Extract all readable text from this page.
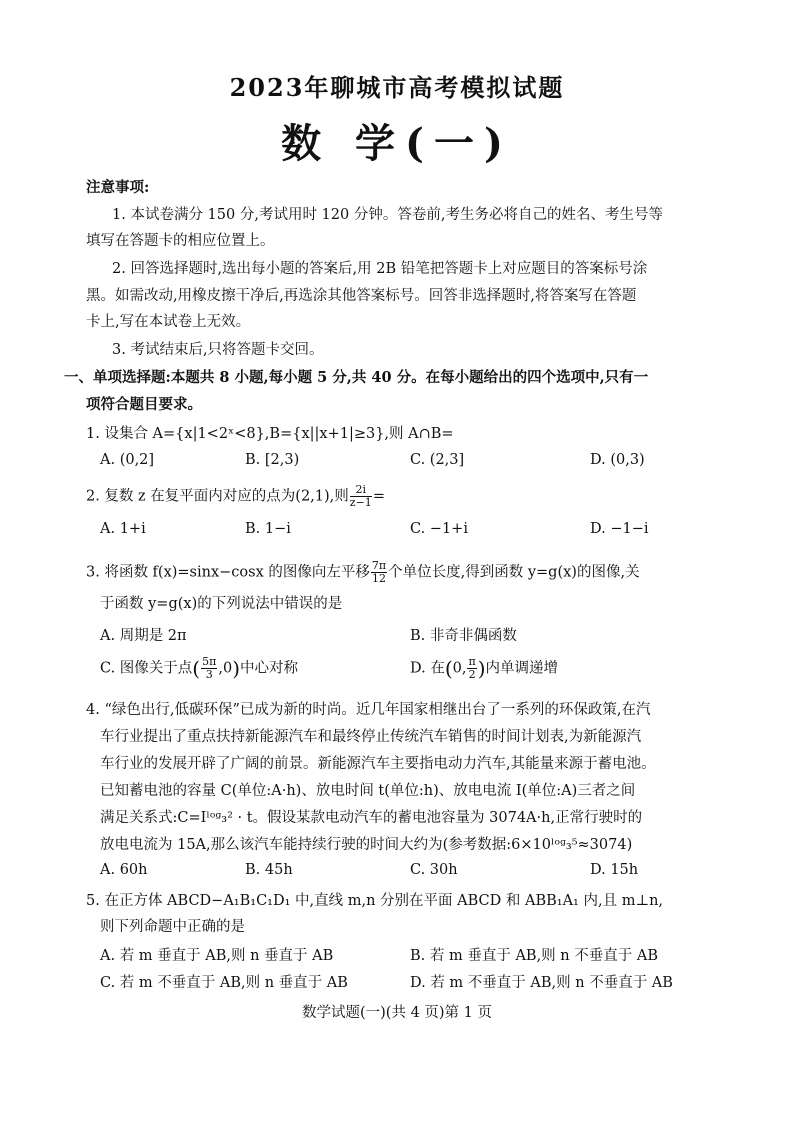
2023年聊城市高考模拟试题
数 学(一)
注意事项:
1. 本试卷满分 150 分,考试用时 120 分钟。答卷前,考生务必将自己的姓名、考生号等
填写在答题卡的相应位置上。
2. 回答选择题时,选出每小题的答案后,用 2B 铅笔把答题卡上对应题目的答案标号涂
黑。如需改动,用橡皮擦干净后,再选涂其他答案标号。回答非选择题时,将答案写在答题
卡上,写在本试卷上无效。
3. 考试结束后,只将答题卡交回。
一、单项选择题:本题共 8 小题,每小题 5 分,共 40 分。在每小题给出的四个选项中,只有一
项符合题目要求。
1. 设集合 A={x|1<2ˣ<8},B={x||x+1|≥3},则 A∩B=
A. (0,2]	B. [2,3)	C. (2,3]	D. (0,3)
2. 复数 z 在复平面内对应的点为(2,1),则 $\frac{2i}{z-1}$ =
A. 1+i	B. 1−i	C. −1+i	D. −1−i
3. 将函数 f(x)=sinx−cosx 的图像向左平移 $\frac{7\pi}{12}$ 个单位长度,得到函数 y=g(x)的图像,关
于函数 y=g(x)的下列说法中错误的是
A. 周期是 2π	B. 非奇非偶函数
C. 图像关于点( $\frac{5\pi}{3} ,0$)中心对称	D. 在(0, $\frac{\pi}{2}$ )内单调递增
4. “绿色出行,低碳环保”已成为新的时尚。近几年国家相继出台了一系列的环保政策,在汽
车行业提出了重点扶持新能源汽车和最终停止传统汽车销售的时间计划表,为新能源汽
车行业的发展开辟了广阔的前景。新能源汽车主要指电动力汽车,其能量来源于蓄电池。
已知蓄电池的容量 C(单位:A·h)、放电时间 t(单位:h)、放电电流 I(单位:A)三者之间
满足关系式:C=Iˡᵒᵍ₃² · t。假设某款电动汽车的蓄电池容量为 3074A·h,正常行驶时的
放电电流为 15A,那么该汽车能持续行驶的时间大约为(参考数据:6×10ˡᵒᵍ₃⁵≈3074)
A. 60h	B. 45h	C. 30h	D. 15h
5. 在正方体 ABCD−A₁B₁C₁D₁ 中,直线 m,n 分别在平面 ABCD 和 ABB₁A₁ 内,且 m⊥n,
则下列命题中正确的是
A. 若 m 垂直于 AB,则 n 垂直于 AB	B. 若 m 垂直于 AB,则 n 不垂直于 AB
C. 若 m 不垂直于 AB,则 n 垂直于 AB	D. 若 m 不垂直于 AB,则 n 不垂直于 AB
数学试题(一)(共 4 页)第 1 页
